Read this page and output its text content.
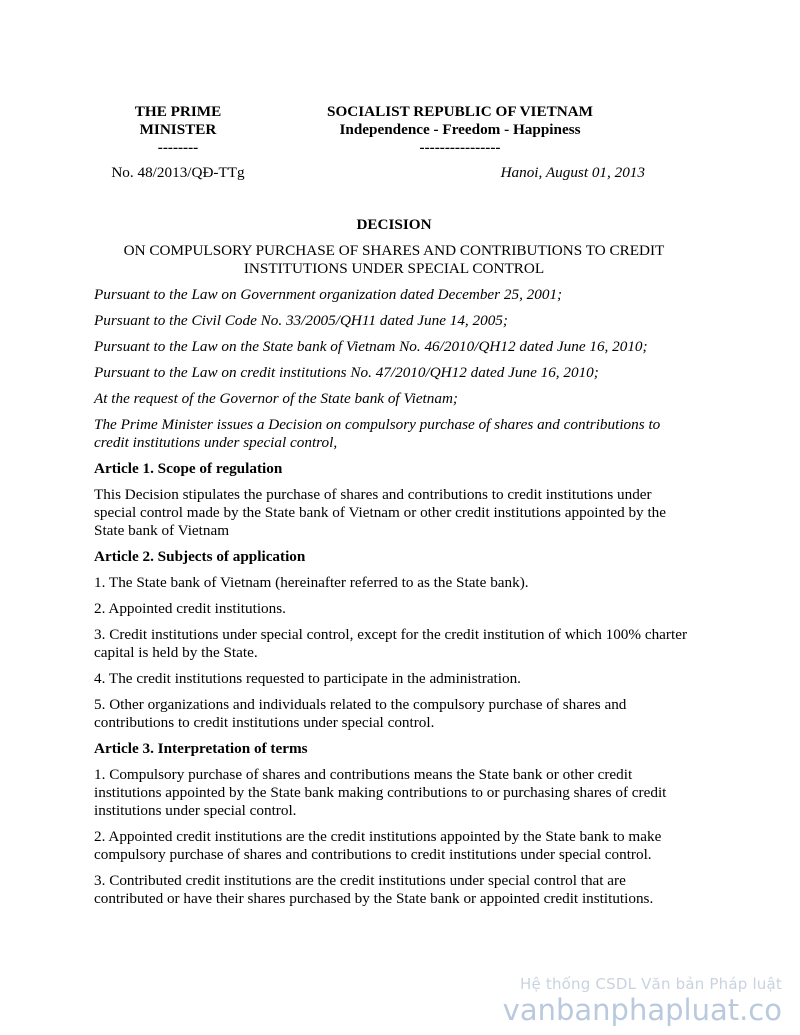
THE PRIME
MINISTER
--------
SOCIALIST REPUBLIC OF VIETNAM
Independence - Freedom - Happiness
----------------
No. 48/2013/QĐ-TTg	Hanoi, August 01, 2013
DECISION
ON COMPULSORY PURCHASE OF SHARES AND CONTRIBUTIONS TO CREDIT INSTITUTIONS UNDER SPECIAL CONTROL
Pursuant to the Law on Government organization dated December 25, 2001;
Pursuant to the Civil Code No. 33/2005/QH11 dated June 14, 2005;
Pursuant to the Law on the State bank of Vietnam No. 46/2010/QH12 dated June 16, 2010;
Pursuant to the Law on credit institutions No. 47/2010/QH12 dated June 16, 2010;
At the request of the Governor of the State bank of Vietnam;
The Prime Minister issues a Decision on compulsory purchase of shares and contributions to credit institutions under special control,
Article 1. Scope of regulation
This Decision stipulates the purchase of shares and contributions to credit institutions under special control made by the State bank of Vietnam or other credit institutions appointed by the State bank of Vietnam
Article 2. Subjects of application
1. The State bank of Vietnam (hereinafter referred to as the State bank).
2. Appointed credit institutions.
3. Credit institutions under special control, except for the credit institution of which 100% charter capital is held by the State.
4. The credit institutions requested to participate in the administration.
5. Other organizations and individuals related to the compulsory purchase of shares and contributions to credit institutions under special control.
Article 3. Interpretation of terms
1. Compulsory purchase of shares and contributions means the State bank or other credit institutions appointed by the State bank making contributions to or purchasing shares of credit institutions under special control.
2. Appointed credit institutions are the credit institutions appointed by the State bank to make compulsory purchase of shares and contributions to credit institutions under special control.
3. Contributed credit institutions are the credit institutions under special control that are contributed or have their shares purchased by the State bank or appointed credit institutions.
Hệ thống CSDL Văn bản Pháp luật
vanbanphapluat.co
